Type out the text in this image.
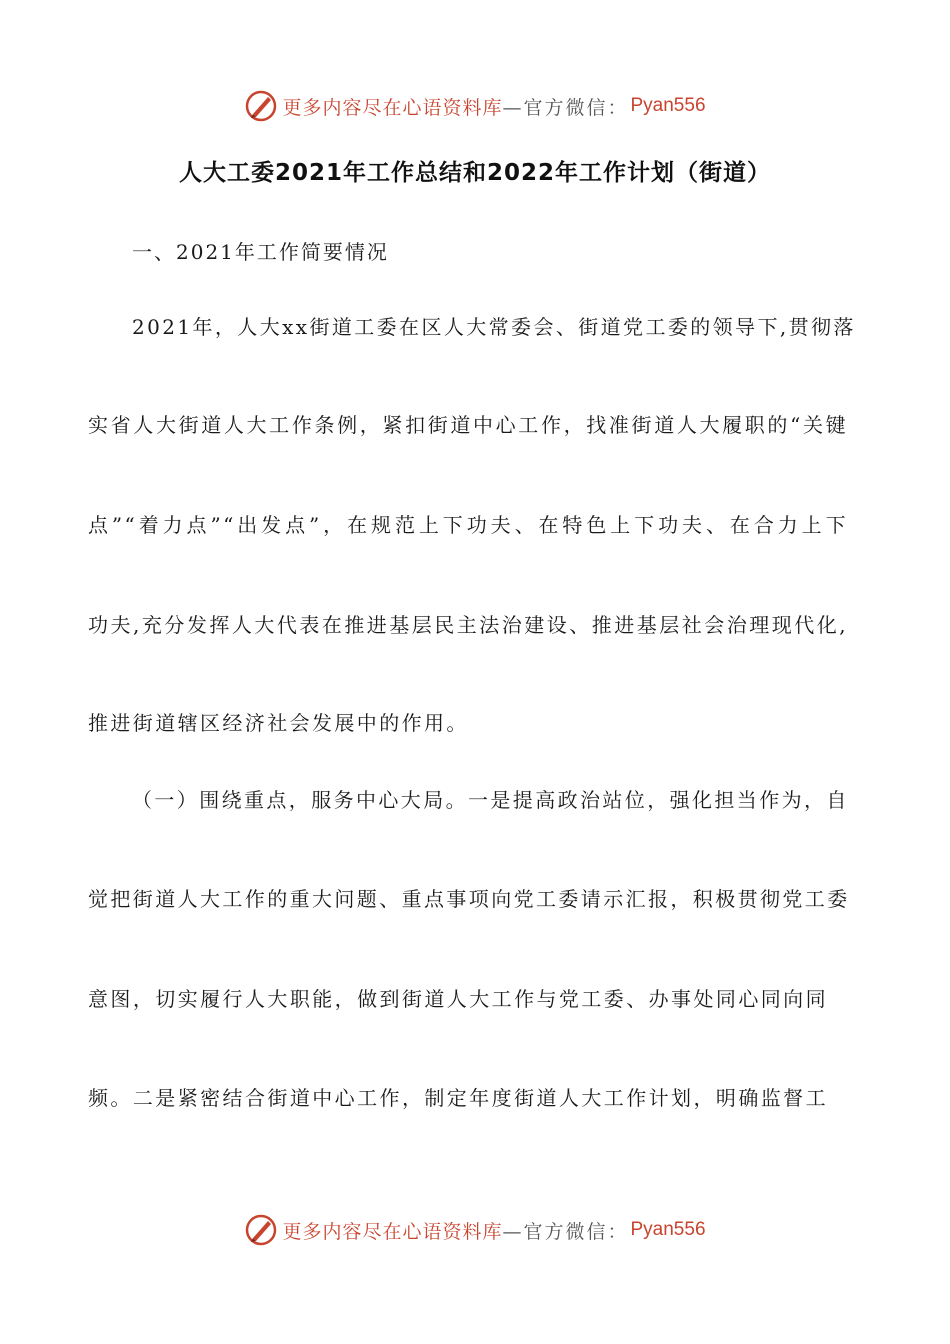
更多内容尽在心语资料库 —官方微信： Pyan556
人大工委2021年工作总结和2022年工作计划（街道）
一、2021年工作简要情况
2021年，人大xx街道工委在区人大常委会、街道党工委的领导下,贯彻落
实省人大街道人大工作条例，紧扣街道中心工作，找准街道人大履职的“关键
点”“着力点”“出发点”，在规范上下功夫、在特色上下功夫、在合力上下
功夫,充分发挥人大代表在推进基层民主法治建设、推进基层社会治理现代化,
推进街道辖区经济社会发展中的作用。
（一）围绕重点，服务中心大局。一是提高政治站位，强化担当作为，自
觉把街道人大工作的重大问题、重点事项向党工委请示汇报，积极贯彻党工委
意图，切实履行人大职能，做到街道人大工作与党工委、办事处同心同向同
频。二是紧密结合街道中心工作，制定年度街道人大工作计划，明确监督工
更多内容尽在心语资料库 —官方微信： Pyan556
